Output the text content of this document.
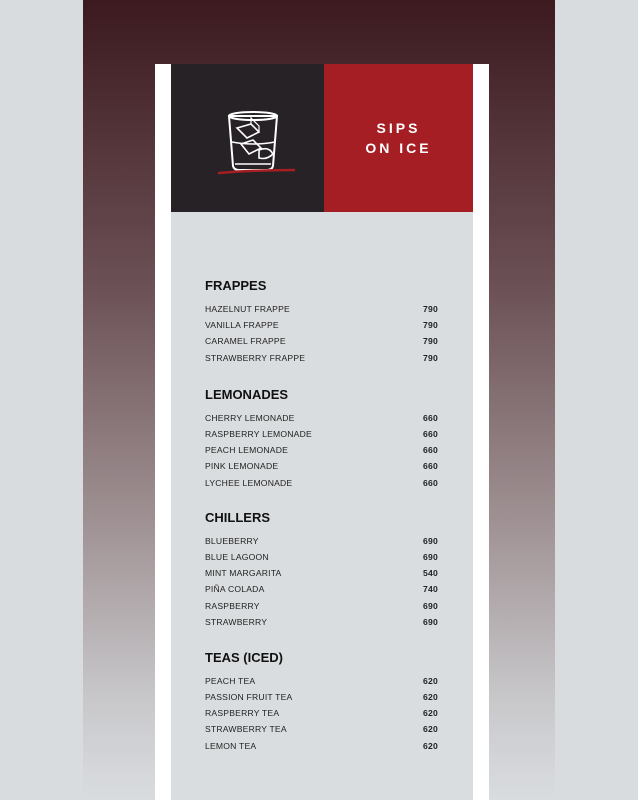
SIPS
ON ICE
FRAPPES
HAZELNUT FRAPPE	790
VANILLA FRAPPE	790
CARAMEL FRAPPE	790
STRAWBERRY FRAPPE	790
LEMONADES
CHERRY LEMONADE	660
RASPBERRY LEMONADE	660
PEACH LEMONADE	660
PINK LEMONADE	660
LYCHEE LEMONADE	660
CHILLERS
BLUEBERRY	690
BLUE LAGOON	690
MINT MARGARITA	540
PIÑA COLADA	740
RASPBERRY	690
STRAWBERRY	690
TEAS (ICED)
PEACH TEA	620
PASSION FRUIT TEA	620
RASPBERRY TEA	620
STRAWBERRY TEA	620
LEMON TEA	620
